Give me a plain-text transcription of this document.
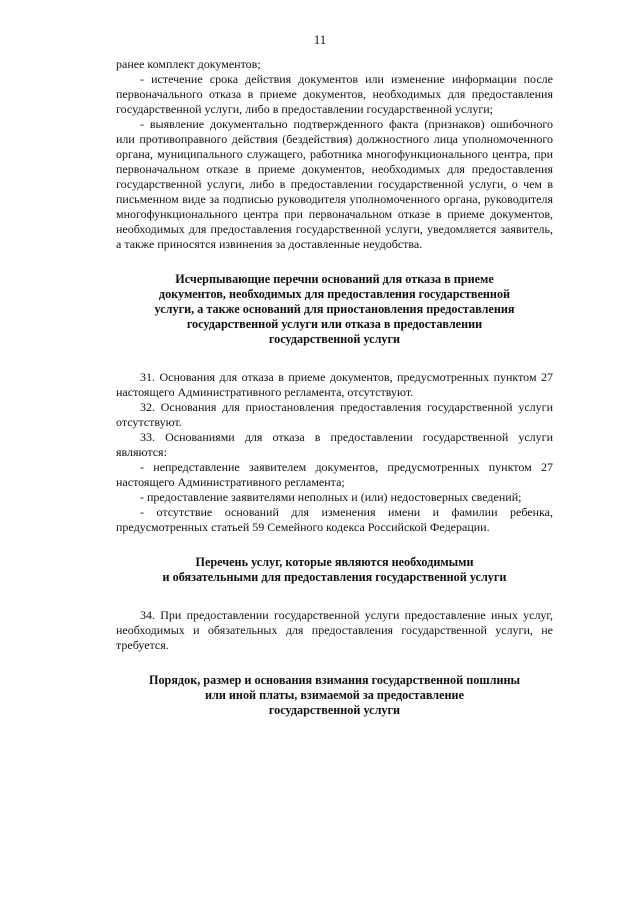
11

ранее комплект документов;

- истечение срока действия документов или изменение информации после первоначального отказа в приеме документов, необходимых для предоставления государственной услуги, либо в предоставлении государственной услуги;

- выявление документально подтвержденного факта (признаков) ошибочного или противоправного действия (бездействия) должностного лица уполномоченного органа, муниципального служащего, работника многофункционального центра, при первоначальном отказе в приеме документов, необходимых для предоставления государственной услуги, либо в предоставлении государственной услуги, о чем в письменном виде за подписью руководителя уполномоченного органа, руководителя многофункционального центра при первоначальном отказе в приеме документов, необходимых для предоставления государственной услуги, уведомляется заявитель, а также приносятся извинения за доставленные неудобства.

Исчерпывающие перечни оснований для отказа в приеме
документов, необходимых для предоставления государственной
услуги, а также оснований для приостановления предоставления
государственной услуги или отказа в предоставлении
государственной услуги

31. Основания для отказа в приеме документов, предусмотренных пунктом 27 настоящего Административного регламента, отсутствуют.

32. Основания для приостановления предоставления государственной услуги отсутствуют.

33. Основаниями для отказа в предоставлении государственной услуги являются:

- непредставление заявителем документов, предусмотренных пунктом 27 настоящего Административного регламента;

- предоставление заявителями неполных и (или) недостоверных сведений;

- отсутствие оснований для изменения имени и фамилии ребенка, предусмотренных статьей 59 Семейного кодекса Российской Федерации.

Перечень услуг, которые являются необходимыми
и обязательными для предоставления государственной услуги

34. При предоставлении государственной услуги предоставление иных услуг, необходимых и обязательных для предоставления государственной услуги, не требуется.

Порядок, размер и основания взимания государственной пошлины
или иной платы, взимаемой за предоставление
государственной услуги
